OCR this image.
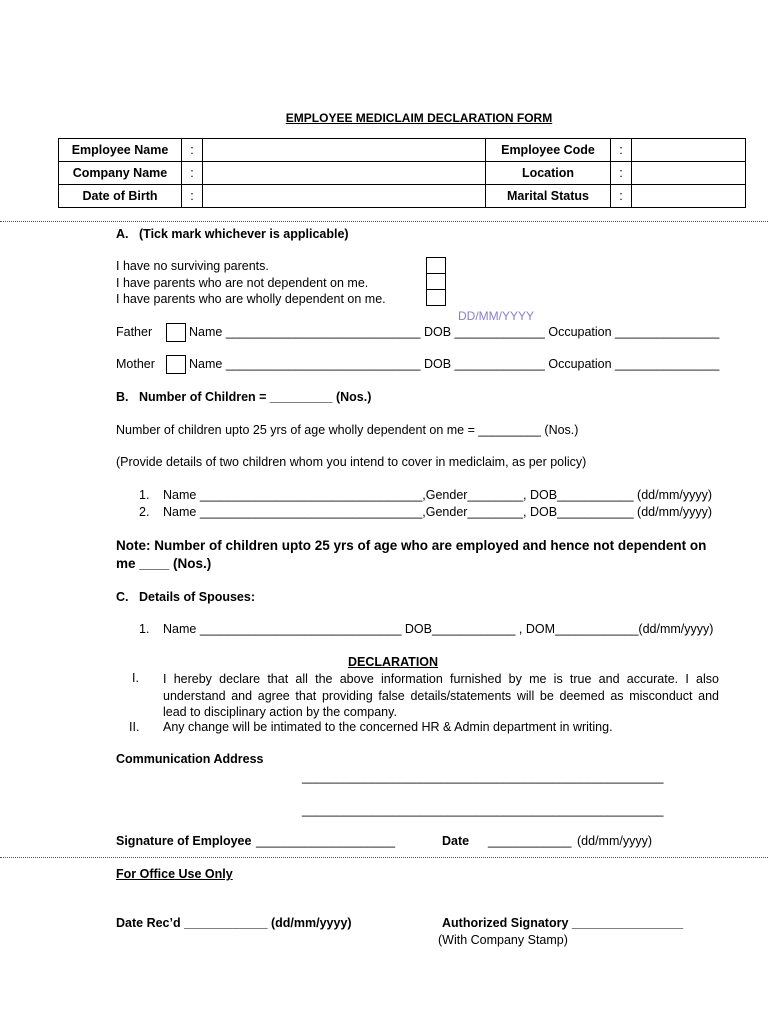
EMPLOYEE MEDICLAIM DECLARATION FORM
Employee Name	:		Employee Code	:	
Company Name	:		Location	:	
Date of Birth	:		Marital Status	:	
A. (Tick mark whichever is applicable)
I have no surviving parents.
I have parents who are not dependent on me.
I have parents who are wholly dependent on me.
DD/MM/YYYY
Father	Name ____________________________ DOB _____________ Occupation _______________
Mother	Name ____________________________ DOB _____________ Occupation _______________
B. Number of Children = _________ (Nos.)
Number of children upto 25 yrs of age wholly dependent on me = _________ (Nos.)
(Provide details of two children whom you intend to cover in mediclaim, as per policy)
1. Name ________________________________,Gender________, DOB___________ (dd/mm/yyyy)
2. Name ________________________________,Gender________, DOB___________ (dd/mm/yyyy)
Note: Number of children upto 25 yrs of age who are employed and hence not dependent on me ____ (Nos.)
C. Details of Spouses:
1. Name _____________________________ DOB____________ , DOM____________(dd/mm/yyyy)
DECLARATION
I. I hereby declare that all the above information furnished by me is true and accurate. I also understand and agree that providing false details/statements will be deemed as misconduct and lead to disciplinary action by the company.
II. Any change will be intimated to the concerned HR & Admin department in writing.
Communication Address
____________________________________________________
____________________________________________________
Signature of Employee ____________________	Date ____________ (dd/mm/yyyy)
For Office Use Only
Date Rec’d ____________ (dd/mm/yyyy)	Authorized Signatory ________________
(With Company Stamp)
